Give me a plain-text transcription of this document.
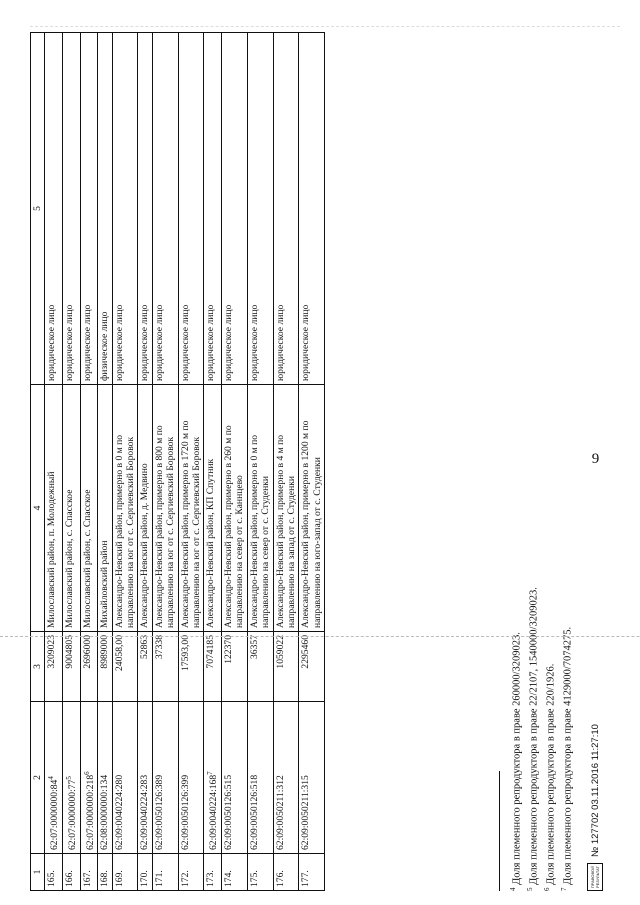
9
1	2	3	4	5
165.	$62:07:0000000:84^4$	3209023	Милославский район, п. Молодежный	юридическое лицо
166.	$62:07:0000000:77^5$	9004805	Милославский район, с. Спасское	юридическое лицо
167.	$62:07:0000000:218^6$	2696000	Милославский район, с. Спасское	юридическое лицо
168.	62:08:0000000:134	8989000	Михайловский район	физическое лицо
169.	62:09:0040224:280	24058,00	Александро-Невский район, примерно в 0 м по направлению на юг от с. Сергиевский Боровок	юридическое лицо
170.	62:09:0040224:283	52863	Александро-Невский район, д. Медвино	юридическое лицо
171.	62:09:0050126:389	37338	Александро-Невский район, примерно в 800 м по направлению на юг от с. Сергиевский Боровок	юридическое лицо
172.	62:09:0050126:399	17593,00	Александро-Невский район, примерно в 1720 м по направлению на юг от с. Сергиевский Боровок	юридическое лицо
173.	$62:09:0040224:168^7$	7074185	Александро-Невский район, КП Спутник	юридическое лицо
174.	62:09:0050126:515	122370	Александро-Невский район, примерно в 260 м по направлению на север от с. Каннцево	юридическое лицо
175.	62:09:0050126:518	36357	Александро-Невский район, примерно в 0 м по направлению на север от с. Студенки	юридическое лицо
176.	62:09:0050211:312	1059022	Александро-Невский район, примерно в 4 м по направлению на запад от с. Студенки	юридическое лицо
177.	62:09:0050211:315	2295460	Александро-Невский район, примерно в 1200 м по направлению на юго-запад от с. Студенки	юридическое лицо

$^4$ Доля племенного репродуктора в праве 260000/3209023.

$^5$ Доля племенного репродуктора в праве 22/2107, 1540000/3209023.

$^6$ Доля племенного репродуктора в праве 220/1926.

$^7$ Доля племенного репродуктора в праве 4129000/7074275.	ПРАВОВОЙ РЕЗУЛЬТАТ
№ 127702 03.11.2016 11:27:10
